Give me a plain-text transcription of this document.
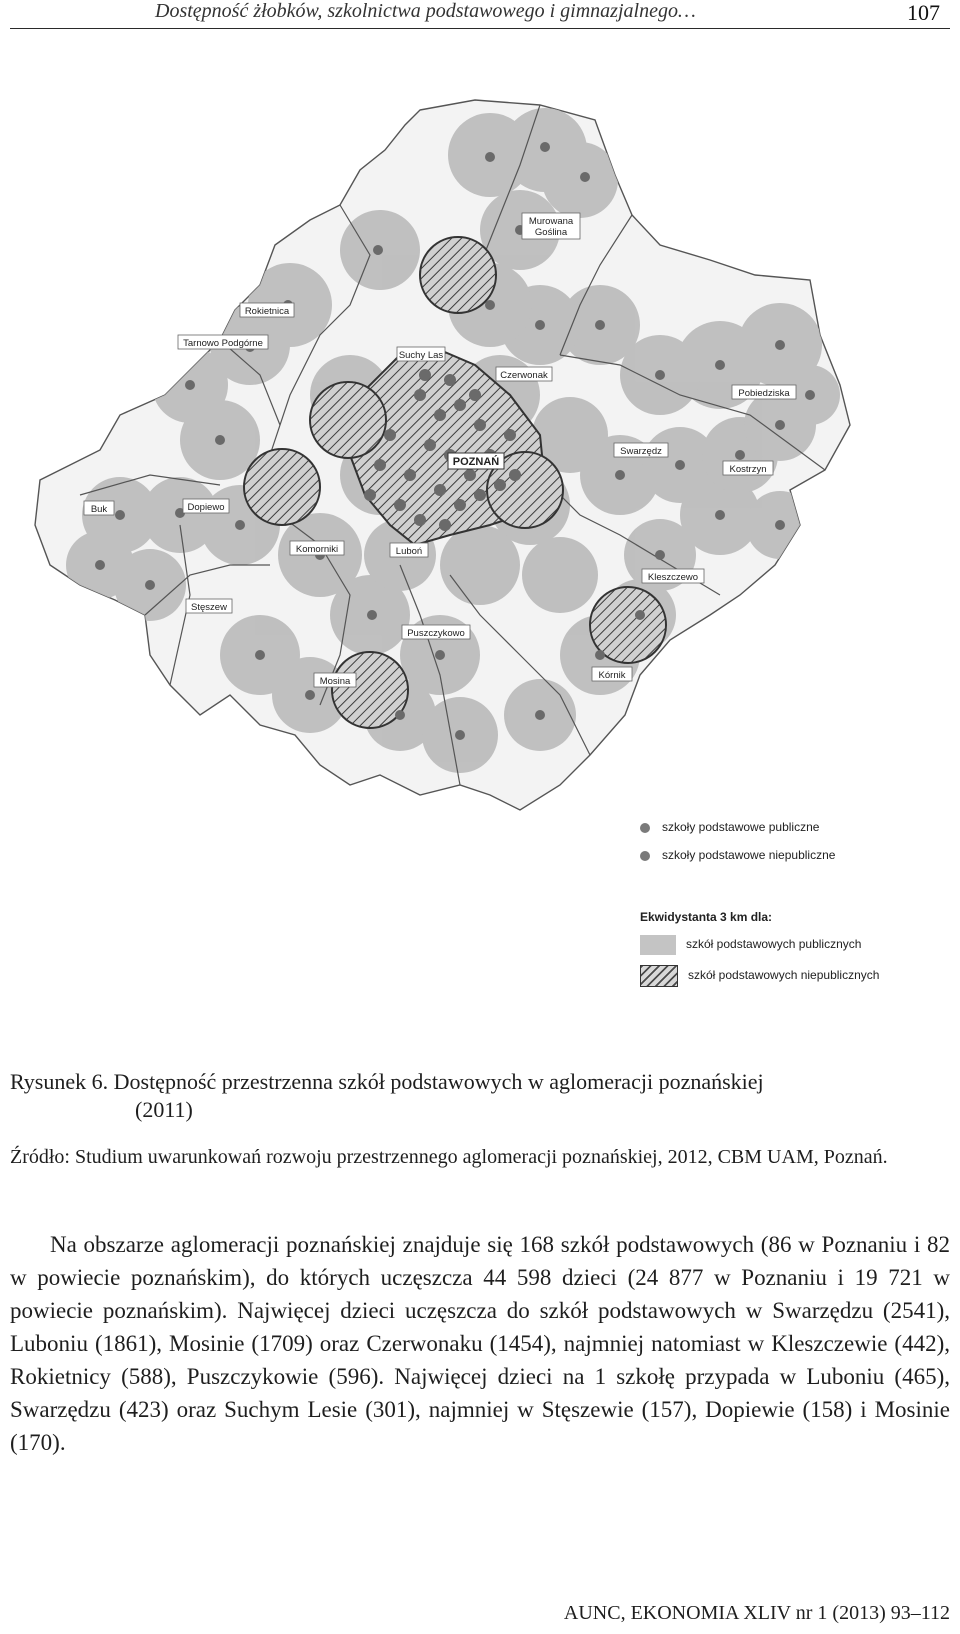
Dostępność żłobków, szkolnictwa podstawowego i gimnazjalnego…	107
Murowana Goślina
Rokietnica
Suchy Las
Czerwonak
Tarnowo Podgórne
Pobiedziska
POZNAŃ
Swarzędz
Kostrzyn
Buk	Dopiewo
Komorniki	Luboń
Kleszczewo
Stęszew
Puszczykowo
Mosina
Kórnik
szkoły podstawowe publiczne
szkoły podstawowe niepubliczne
Ekwidystanta 3 km dla:
szkół podstawowych publicznych
szkół podstawowych niepublicznych
Rysunek 6. Dostępność przestrzenna szkół podstawowych w aglomeracji poznańskiej
(2011)
Źródło: Studium uwarunkowań rozwoju przestrzennego aglomeracji poznańskiej, 2012, CBM UAM, Poznań.
Na obszarze aglomeracji poznańskiej znajduje się 168 szkół podstawowych (86 w Poznaniu i 82 w powiecie poznańskim), do których uczęszcza 44 598 dzieci (24 877 w Poznaniu i 19 721 w powiecie poznańskim). Najwięcej dzieci uczęszcza do szkół podstawowych w Swarzędzu (2541), Luboniu (1861), Mosinie (1709) oraz Czerwonaku (1454), najmniej natomiast w Kleszczewie (442), Rokietnicy (588), Puszczykowie (596). Najwięcej dzieci na 1 szkołę przypada w Luboniu (465), Swarzędzu (423) oraz Suchym Lesie (301), najmniej w Stęszewie (157), Dopiewie (158) i Mosinie (170).
AUNC, EKONOMIA XLIV nr 1 (2013) 93–112
